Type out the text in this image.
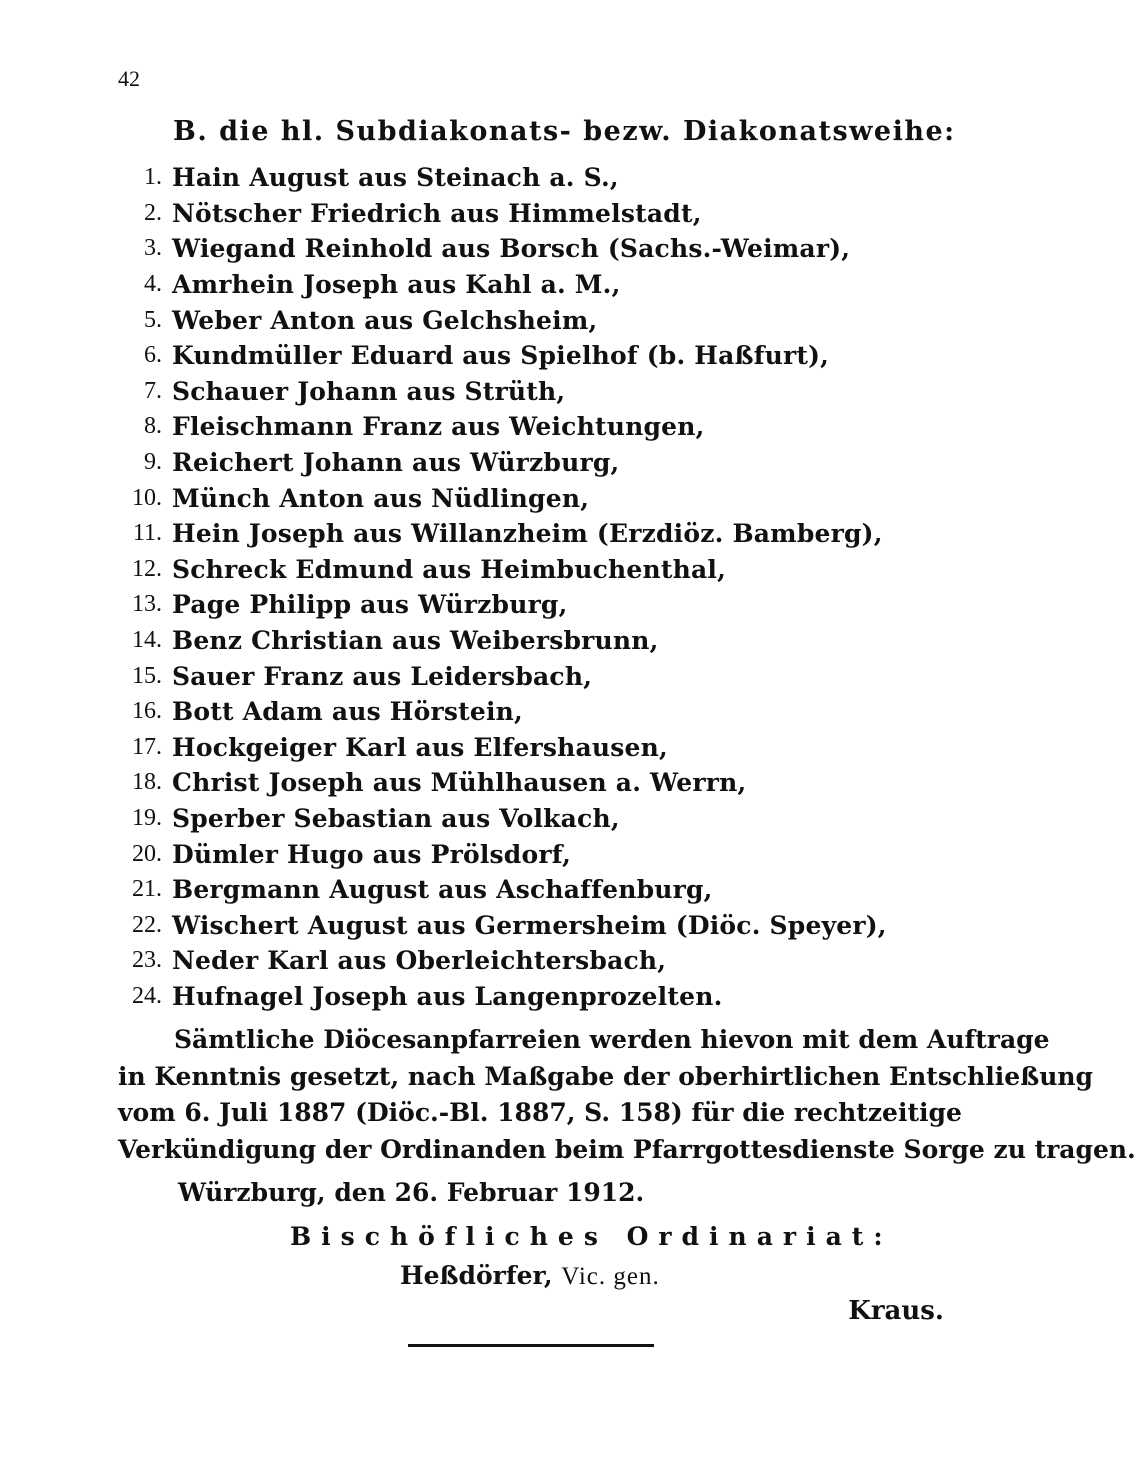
42
B. die hl. Subdiakonats- bezw. Diakonatsweihe:
1. Hain August aus Steinach a. S.,
2. Nötscher Friedrich aus Himmelstadt,
3. Wiegand Reinhold aus Borsch (Sachs.-Weimar),
4. Amrhein Joseph aus Kahl a. M.,
5. Weber Anton aus Gelchsheim,
6. Kundmüller Eduard aus Spielhof (b. Haßfurt),
7. Schauer Johann aus Strüth,
8. Fleischmann Franz aus Weichtungen,
9. Reichert Johann aus Würzburg,
10. Münch Anton aus Nüdlingen,
11. Hein Joseph aus Willanzheim (Erzdiöz. Bamberg),
12. Schreck Edmund aus Heimbuchenthal,
13. Page Philipp aus Würzburg,
14. Benz Christian aus Weibersbrunn,
15. Sauer Franz aus Leidersbach,
16. Bott Adam aus Hörstein,
17. Hockgeiger Karl aus Elfershausen,
18. Christ Joseph aus Mühlhausen a. Werrn,
19. Sperber Sebastian aus Volkach,
20. Dümler Hugo aus Prölsdorf,
21. Bergmann August aus Aschaffenburg,
22. Wischert August aus Germersheim (Diöc. Speyer),
23. Neder Karl aus Oberleichtersbach,
24. Hufnagel Joseph aus Langenprozelten.
Sämtliche Diöcesanpfarreien werden hievon mit dem Auftrage
in Kenntnis gesetzt, nach Maßgabe der oberhirtlichen Entschließung
vom 6. Juli 1887 (Diöc.-Bl. 1887, S. 158) für die rechtzeitige
Verkündigung der Ordinanden beim Pfarrgottesdienste Sorge zu tragen.
Würzburg, den 26. Februar 1912.
Bischöfliches Ordinariat:
Heßdörfer, Vic. gen.
Kraus.
